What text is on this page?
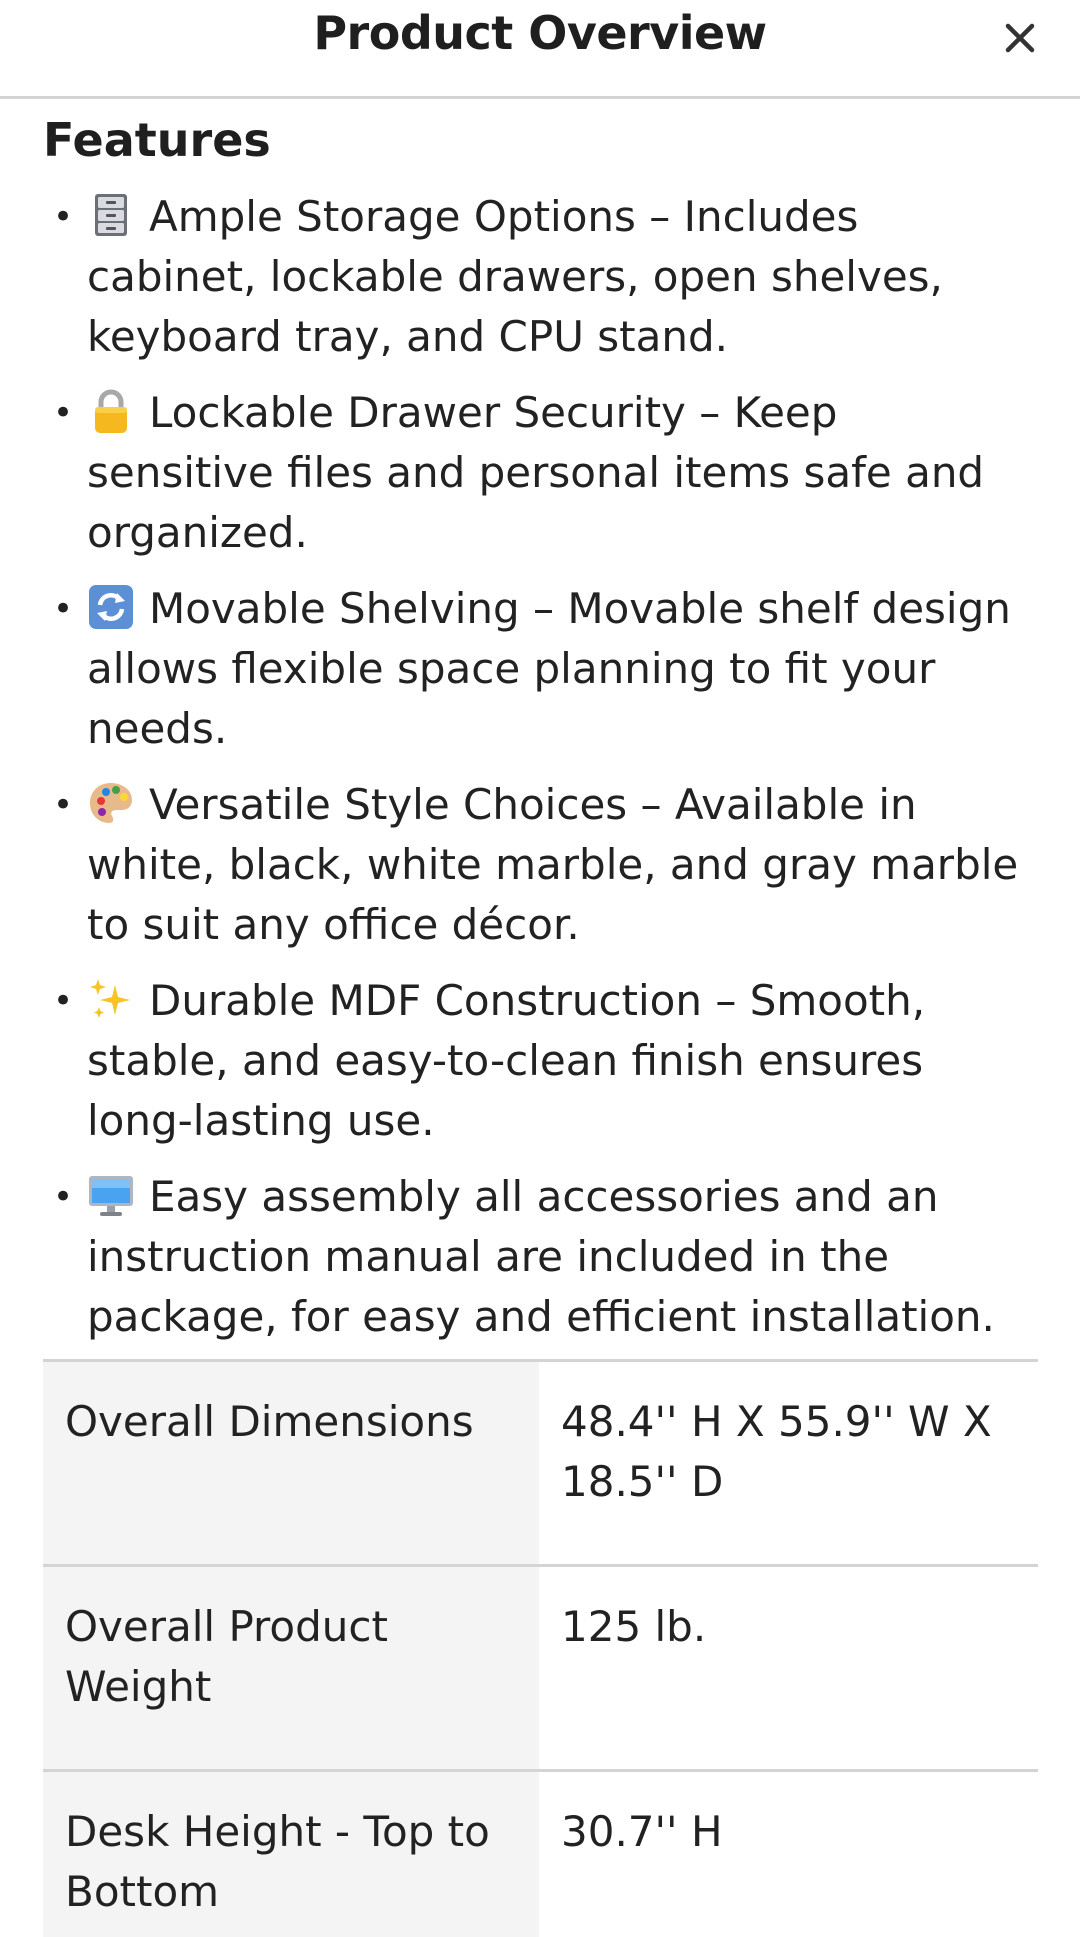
Product Overview
Features
• Ample Storage Options – Includes cabinet, lockable drawers, open shelves, keyboard tray, and CPU stand.
• Lockable Drawer Security – Keep sensitive files and personal items safe and organized.
• Movable Shelving – Movable shelf design allows flexible space planning to fit your needs.
• Versatile Style Choices – Available in white, black, white marble, and gray marble to suit any office décor.
• Durable MDF Construction – Smooth, stable, and easy-to-clean finish ensures long-lasting use.
• Easy assembly all accessories and an instruction manual are included in the package, for easy and efficient installation.
Overall Dimensions	48.4'' H X 55.9'' W X 18.5'' D
Overall Product Weight	125 lb.
Desk Height - Top to Bottom	30.7'' H
